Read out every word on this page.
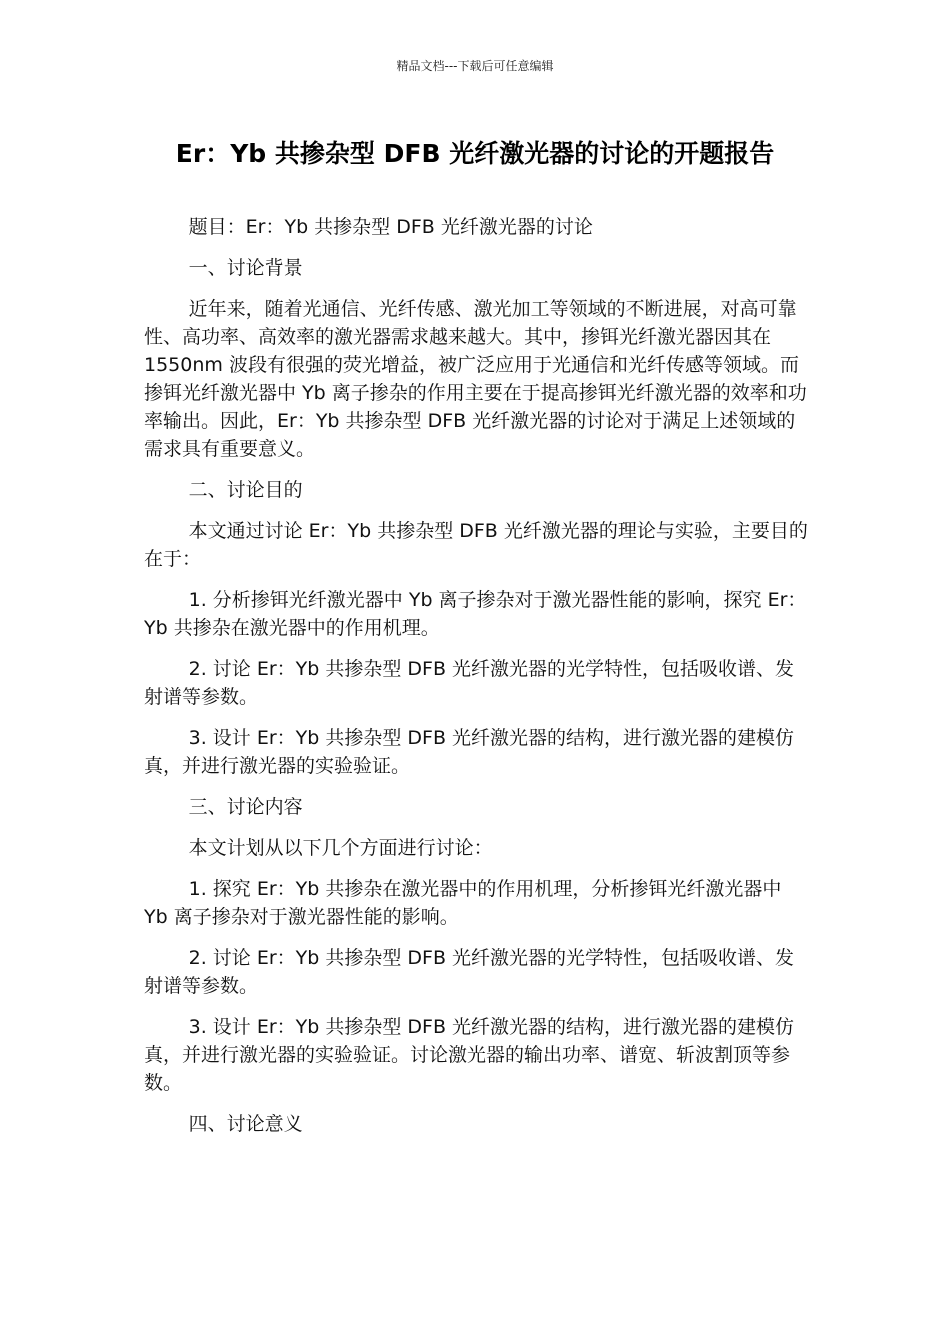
精品文档---下载后可任意编辑
Er：Yb 共掺杂型 DFB 光纤激光器的讨论的开题报告

题目：Er：Yb 共掺杂型 DFB 光纤激光器的讨论

一、讨论背景

近年来，随着光通信、光纤传感、激光加工等领域的不断进展，对高可靠性、高功率、高效率的激光器需求越来越大。其中，掺铒光纤激光器因其在 1550nm 波段有很强的荧光增益，被广泛应用于光通信和光纤传感等领域。而掺铒光纤激光器中 Yb 离子掺杂的作用主要在于提高掺铒光纤激光器的效率和功率输出。因此，Er：Yb 共掺杂型 DFB 光纤激光器的讨论对于满足上述领域的需求具有重要意义。

二、讨论目的

本文通过讨论 Er：Yb 共掺杂型 DFB 光纤激光器的理论与实验，主要目的在于：

1. 分析掺铒光纤激光器中 Yb 离子掺杂对于激光器性能的影响，探究 Er：Yb 共掺杂在激光器中的作用机理。

2. 讨论 Er：Yb 共掺杂型 DFB 光纤激光器的光学特性，包括吸收谱、发射谱等参数。

3. 设计 Er：Yb 共掺杂型 DFB 光纤激光器的结构，进行激光器的建模仿真，并进行激光器的实验验证。

三、讨论内容

本文计划从以下几个方面进行讨论：

1. 探究 Er：Yb 共掺杂在激光器中的作用机理，分析掺铒光纤激光器中 Yb 离子掺杂对于激光器性能的影响。

2. 讨论 Er：Yb 共掺杂型 DFB 光纤激光器的光学特性，包括吸收谱、发射谱等参数。

3. 设计 Er：Yb 共掺杂型 DFB 光纤激光器的结构，进行激光器的建模仿真，并进行激光器的实验验证。讨论激光器的输出功率、谱宽、斩波割顶等参数。

四、讨论意义
